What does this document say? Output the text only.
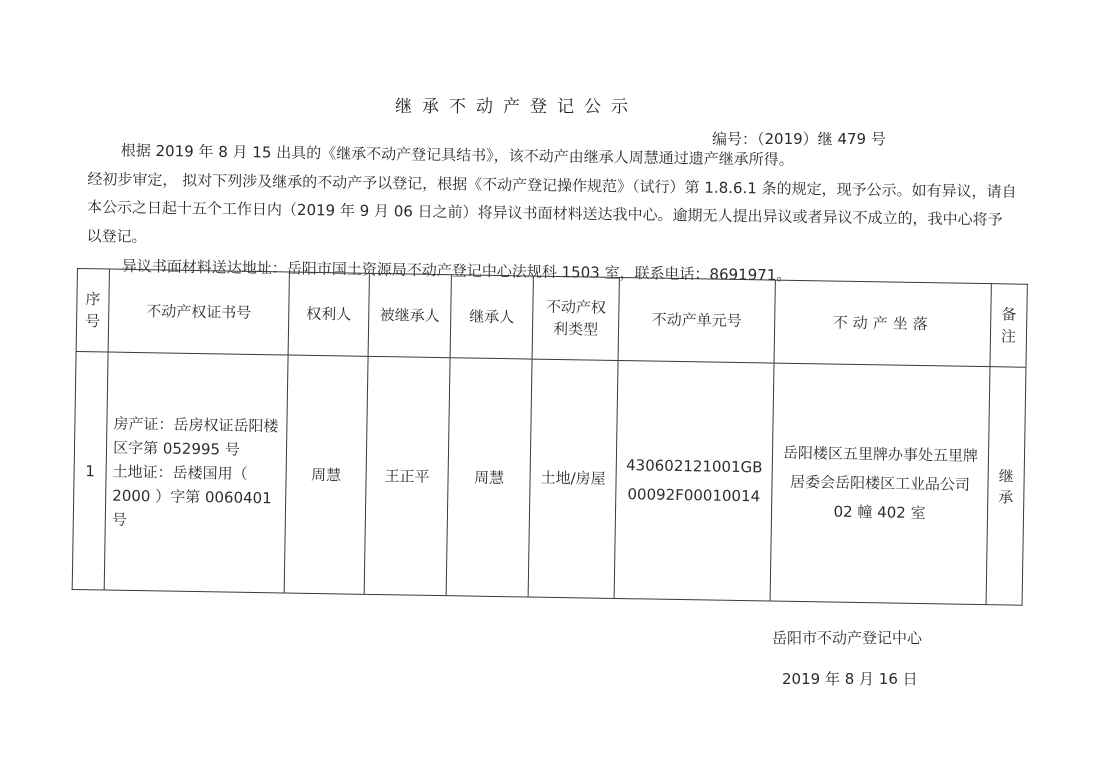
继承不动产登记公示
编号：（2019）继 479 号

根据 2019 年 8 月 15 出具的《继承不动产登记具结书》，该不动产由继承人周慧通过遗产继承所得。

经初步审定， 拟对下列涉及继承的不动产予以登记，根据《不动产登记操作规范》（试行）第 1.8.6.1 条的规定，现予公示。如有异议，请自本公示之日起十五个工作日内（2019 年 9 月 06 日之前）将异议书面材料送达我中心。逾期无人提出异议或者异议不成立的，我中心将予以登记。

异议书面材料送达地址：岳阳市国土资源局不动产登记中心法规科 1503 室，联系电话：8691971。
序号	不动产权证书号	权利人	被继承人	继承人	不动产权利类型	不动产单元号	不动产坐落	备注
1	房产证：岳房权证岳阳楼区字第 052995 号
土地证：岳楼国用（ 2000 ）字第 0060401 号	周慧	王正平	周慧	土地/房屋	430602121001GB00092F00010014	岳阳楼区五里牌办事处五里牌居委会岳阳楼区工业品公司 02 幢 402 室	继承
岳阳市不动产登记中心
2019 年 8 月 16 日
